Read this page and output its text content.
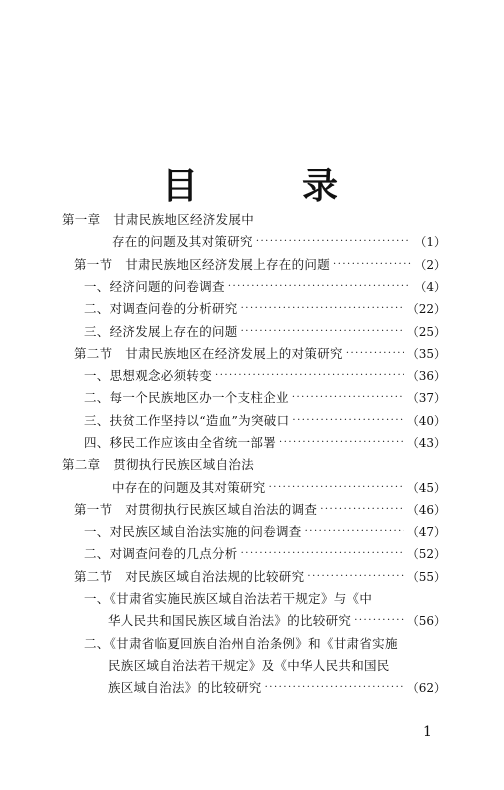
目	录
第一章　甘肃民族地区经济发展中
存在的问题及其对策研究 ·····	（1）
第一节　甘肃民族地区经济发展上存在的问题 ·····	（2）
一、经济问题的问卷调查 ·····	（4）
二、对调查问卷的分析研究 ·····	（22）
三、经济发展上存在的问题 ·····	（25）
第二节　甘肃民族地区在经济发展上的对策研究 ·····	（35）
一、思想观念必须转变 ·····	（36）
二、每一个民族地区办一个支柱企业 ·····	（37）
三、扶贫工作坚持以“造血”为突破口 ·····	（40）
四、移民工作应该由全省统一部署 ·····	（43）
第二章　贯彻执行民族区域自治法
中存在的问题及其对策研究 ·····	（45）
第一节　对贯彻执行民族区域自治法的调查 ·····	（46）
一、对民族区域自治法实施的问卷调查 ·····	（47）
二、对调查问卷的几点分析 ·····	（52）
第二节　对民族区域自治法规的比较研究 ·····	（55）
一、《甘肃省实施民族区域自治法若干规定》与《中
华人民共和国民族区域自治法》的比较研究 ·····	（56）
二、《甘肃省临夏回族自治州自治条例》和《甘肃省实施
民族区域自治法若干规定》及《中华人民共和国民
族区域自治法》的比较研究 ·····	（62）
1
